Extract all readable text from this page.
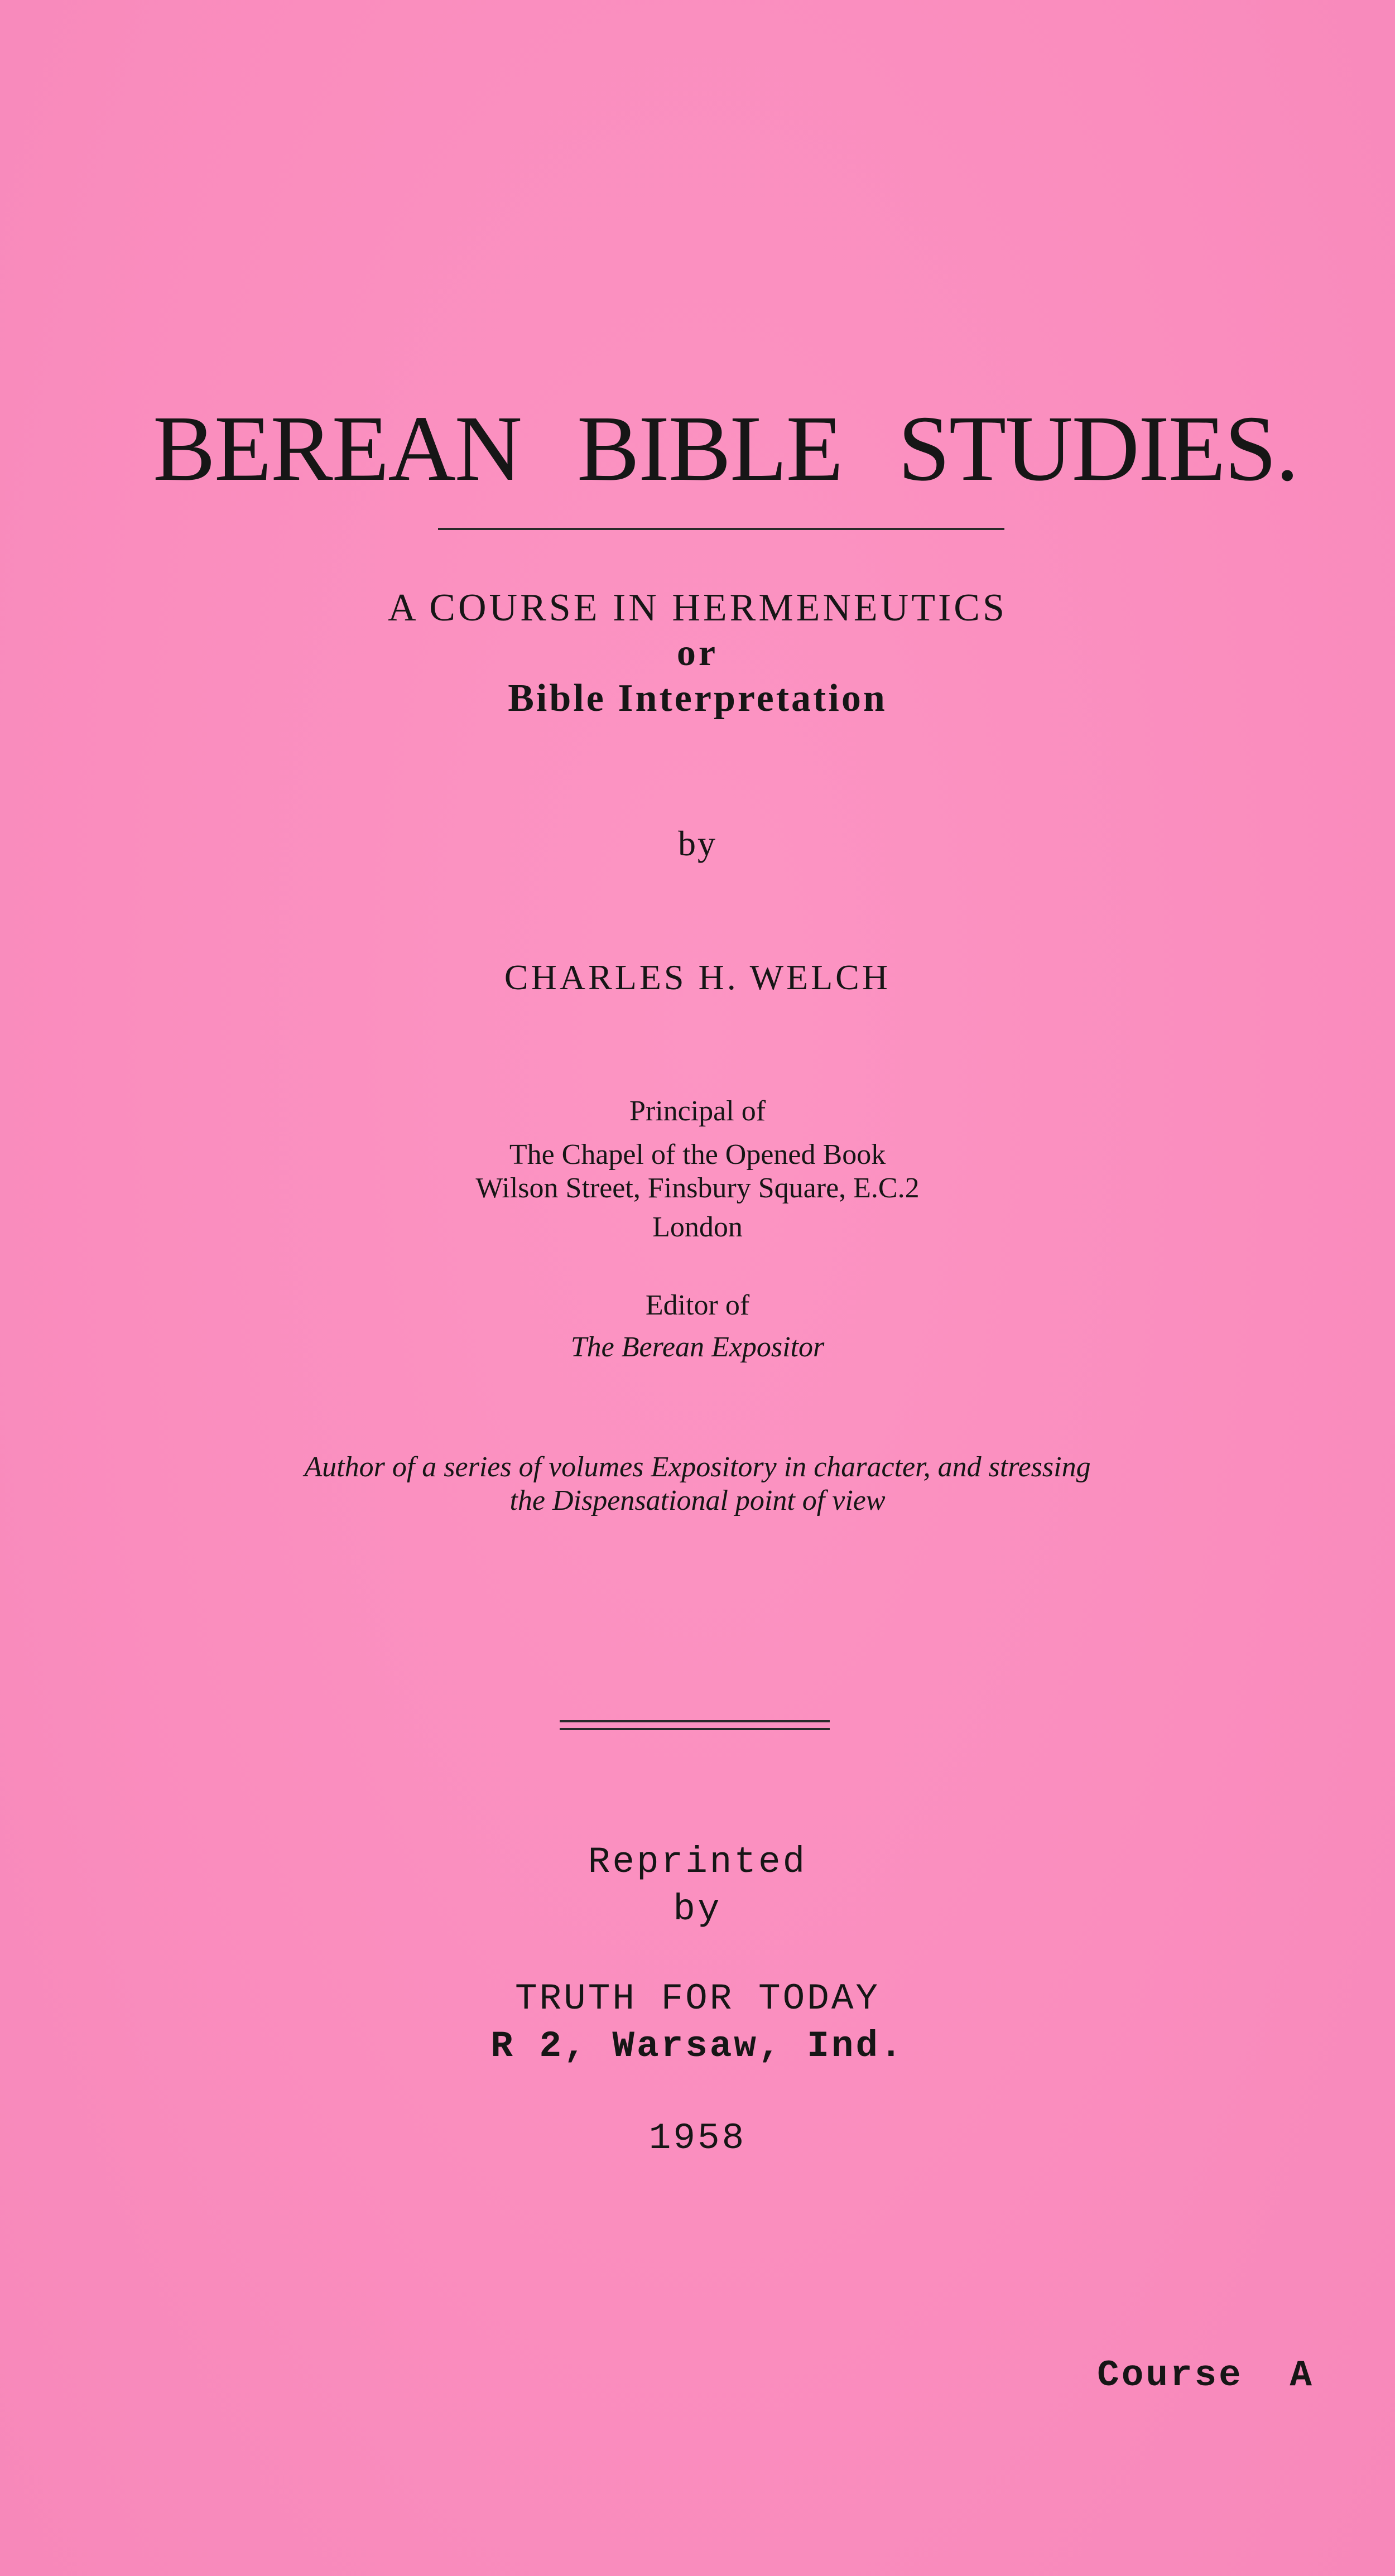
BEREAN BIBLE STUDIES.
A COURSE IN HERMENEUTICS
or
Bible Interpretation
by
CHARLES H. WELCH
Principal of
The Chapel of the Opened Book
Wilson Street, Finsbury Square, E.C.2
London
Editor of
The Berean Expositor
Author of a series of volumes Expository in character, and stressing
the Dispensational point of view
Reprinted
by
TRUTH FOR TODAY
R 2, Warsaw, Ind.
1958
Course A
